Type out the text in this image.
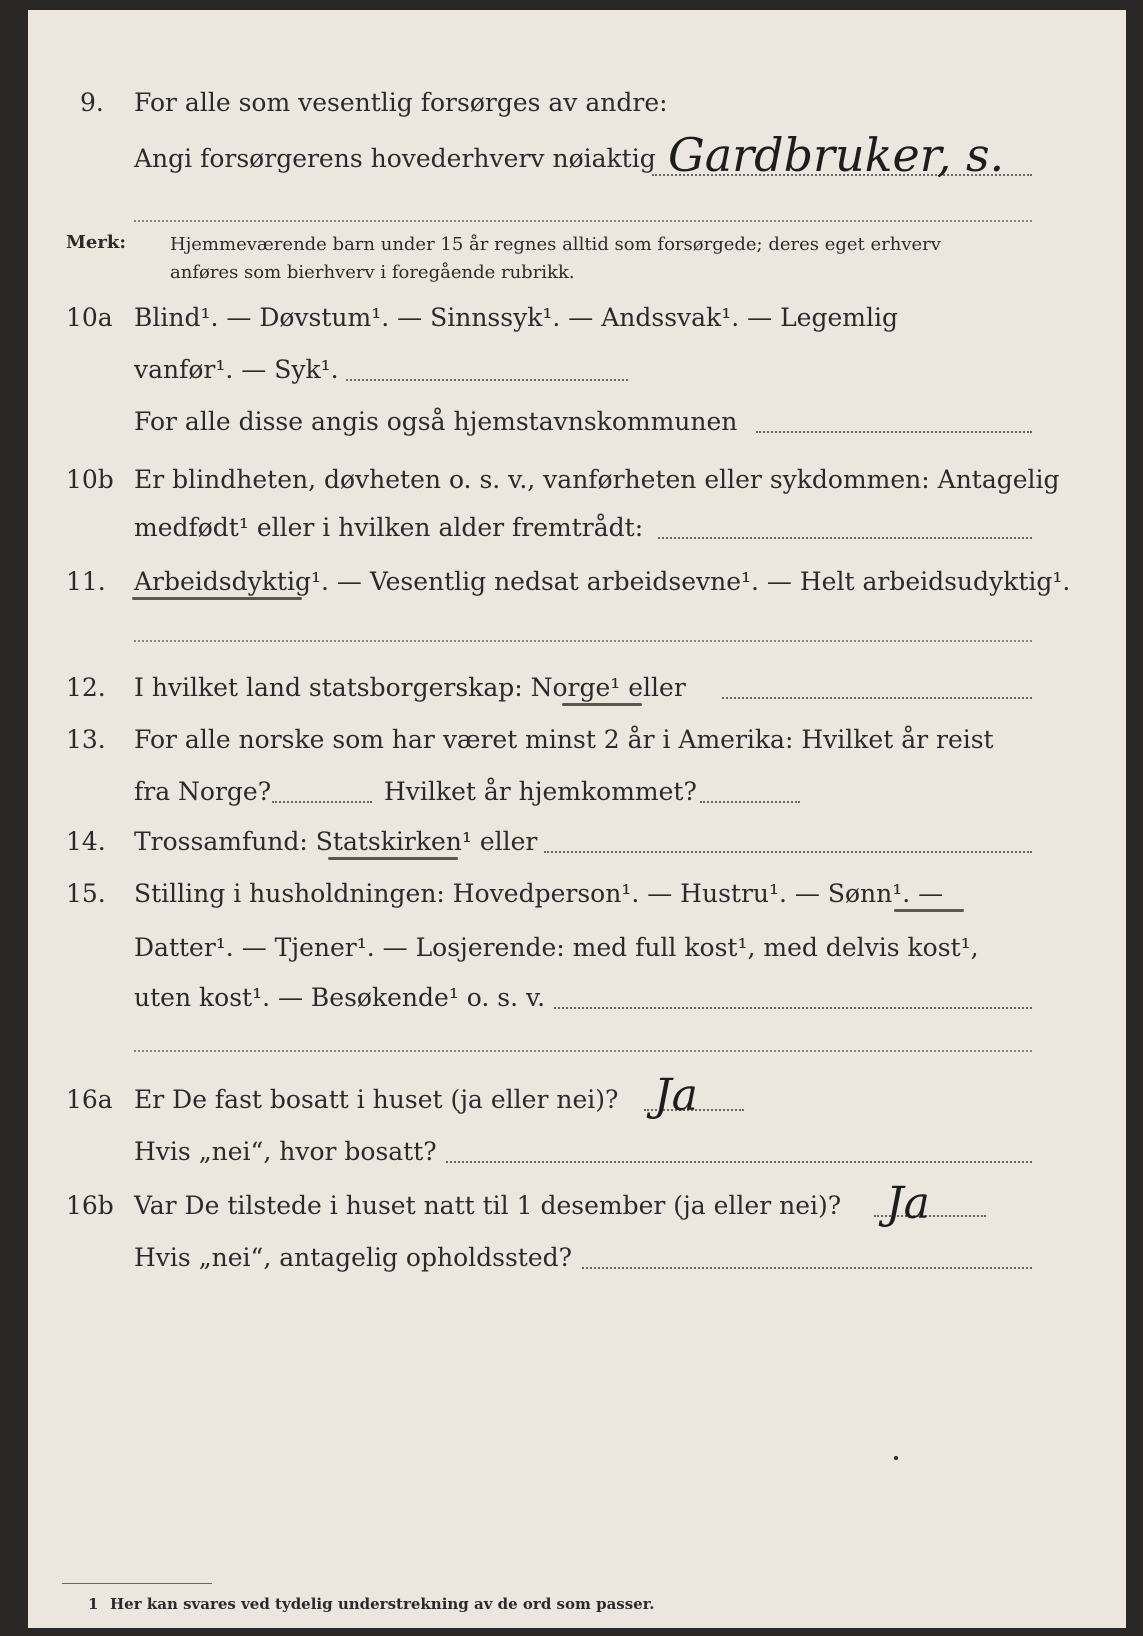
9. For alle som vesentlig forsørges av andre:
Angi forsørgerens hovederhverv nøiaktig Gardbruker, s.
Merk: Hjemmeværende barn under 15 år regnes alltid som forsørgede; deres eget erhverv
anføres som bierhverv i foregående rubrikk.
10a Blind¹. — Døvstum¹. — Sinnssyk¹. — Andssvak¹. — Legemlig
vanfør¹. — Syk¹.
For alle disse angis også hjemstavnskommunen
10b Er blindheten, døvheten o. s. v., vanførheten eller sykdommen: Antagelig
medfødt¹ eller i hvilken alder fremtrådt:
11. Arbeidsdyktig¹. — Vesentlig nedsat arbeidsevne¹. — Helt arbeidsudyktig¹.
12. I hvilket land statsborgerskap: Norge¹ eller
13. For alle norske som har været minst 2 år i Amerika: Hvilket år reist
fra Norge?	Hvilket år hjemkommet?
14. Trossamfund: Statskirken¹ eller
15. Stilling i husholdningen: Hovedperson¹. — Hustru¹. — Sønn¹. —
Datter¹. — Tjener¹. — Losjerende: med full kost¹, med delvis kost¹,
uten kost¹. — Besøkende¹ o. s. v.
16a Er De fast bosatt i huset (ja eller nei)? Ja
Hvis „nei“, hvor bosatt?
16b Var De tilstede i huset natt til 1 desember (ja eller nei)? Ja
Hvis „nei“, antagelig opholdssted?
1 Her kan svares ved tydelig understrekning av de ord som passer.
